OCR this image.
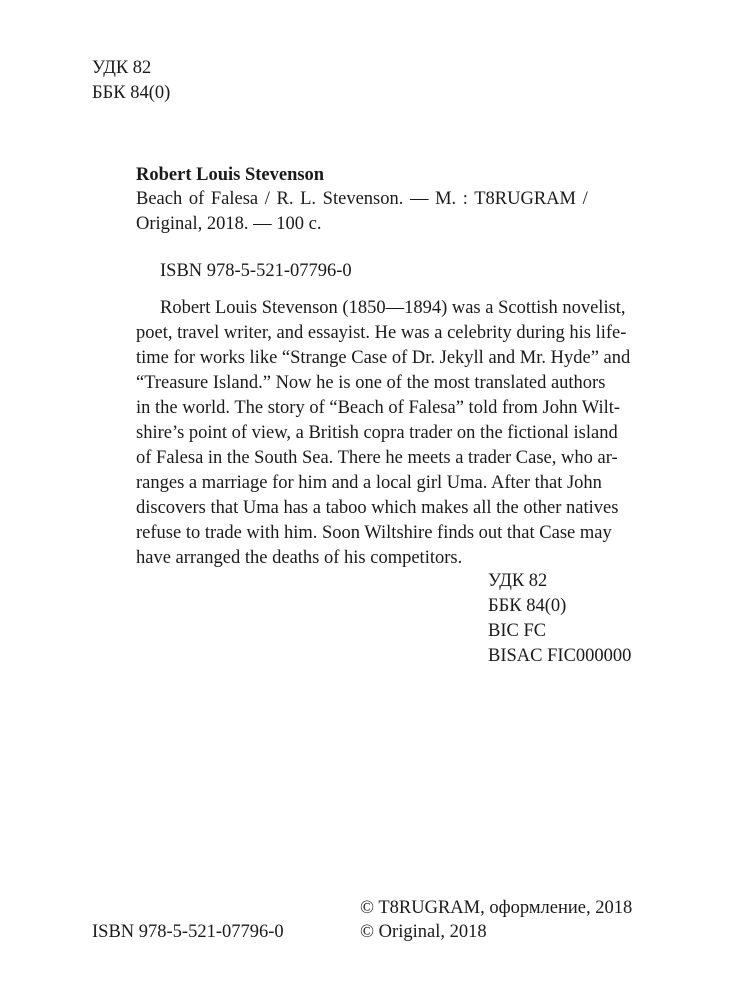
УДК 82
ББК 84(0)
Robert Louis Stevenson
Beach of Falesa / R. L. Stevenson. — M. : T8RUGRAM /
Original, 2018. — 100 с.
ISBN 978-5-521-07796-0
Robert Louis Stevenson (1850—1894) was a Scottish novelist,
poet, travel writer, and essayist. He was a celebrity during his life-
time for works like “Strange Case of Dr. Jekyll and Mr. Hyde” and
“Treasure Island.” Now he is one of the most translated authors
in the world. The story of “Beach of Falesa” told from John Wilt-
shire’s point of view, a British copra trader on the fictional island
of Falesa in the South Sea. There he meets a trader Case, who ar-
ranges a marriage for him and a local girl Uma. After that John
discovers that Uma has a taboo which makes all the other natives
refuse to trade with him. Soon Wiltshire finds out that Case may
have arranged the deaths of his competitors.
УДК 82
ББК 84(0)
BIC FC
BISAC FIC000000
© T8RUGRAM, оформление, 2018
ISBN 978-5-521-07796-0	© Original, 2018
